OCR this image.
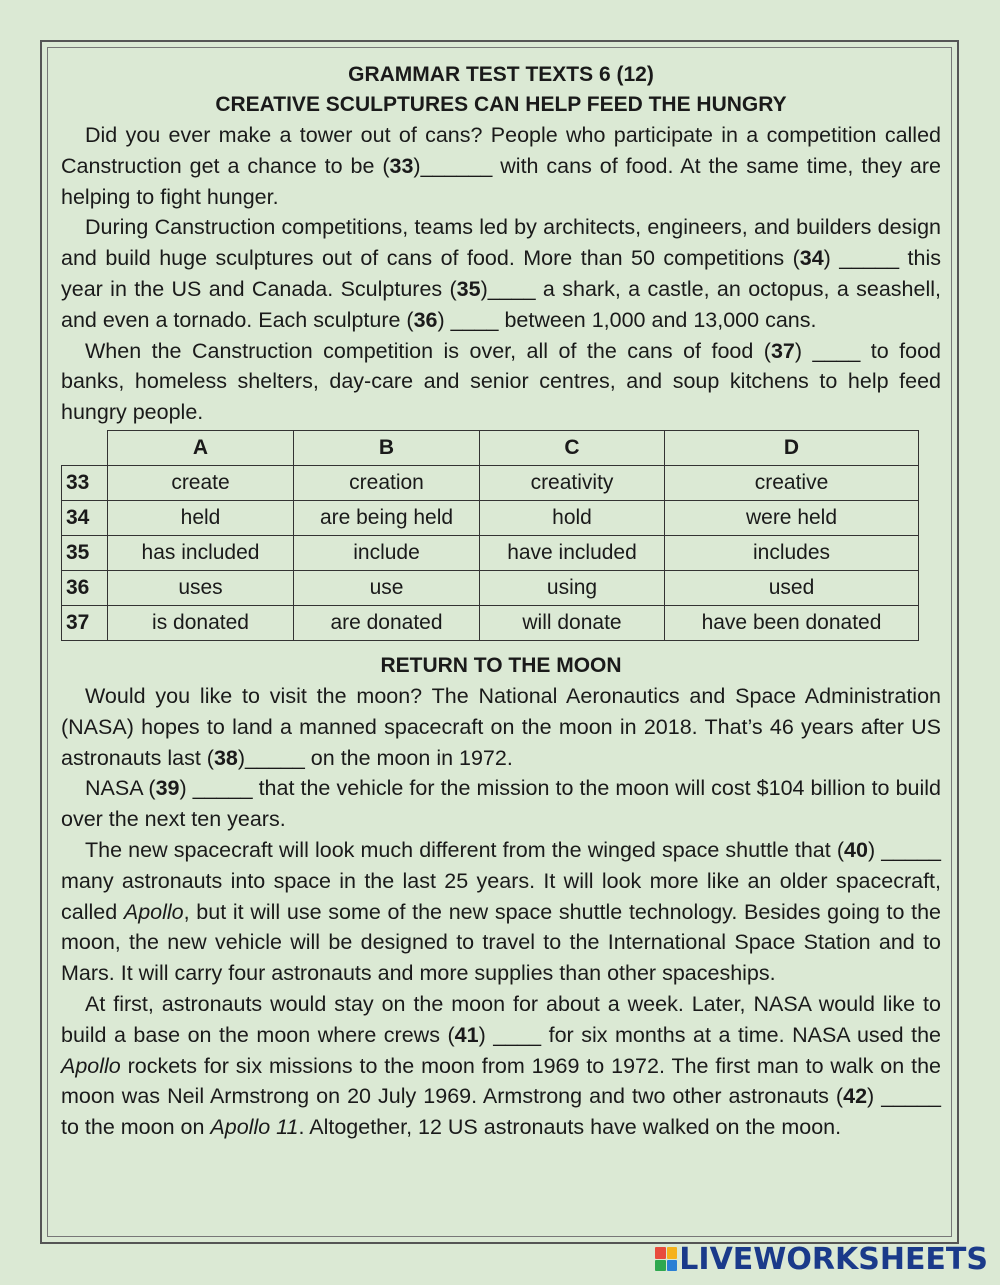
GRAMMAR TEST TEXTS 6 (12)
CREATIVE SCULPTURES CAN HELP FEED THE HUNGRY

Did you ever make a tower out of cans? People who participate in a competition called Canstruction get a chance to be (33)______ with cans of food. At the same time, they are helping to fight hunger.

During Canstruction competitions, teams led by architects, engineers, and builders design and build huge sculptures out of cans of food. More than 50 competitions (34) _____ this year in the US and Canada. Sculptures (35)____ a shark, a castle, an octopus, a seashell, and even a tornado. Each sculpture (36) ____ between 1,000 and 13,000 cans.

When the Canstruction competition is over, all of the cans of food (37) ____ to food banks, homeless shelters, day-care and senior centres, and soup kitchens to help feed hungry people.

	A	B	C	D
33	create	creation	creativity	creative
34	held	are being held	hold	were held
35	has included	include	have included	includes
36	uses	use	using	used
37	is donated	are donated	will donate	have been donated
RETURN TO THE MOON

Would you like to visit the moon? The National Aeronautics and Space Administration (NASA) hopes to land a manned spacecraft on the moon in 2018. That’s 46 years after US astronauts last (38)_____ on the moon in 1972.

NASA (39) _____ that the vehicle for the mission to the moon will cost $104 billion to build over the next ten years.

The new spacecraft will look much different from the winged space shuttle that (40) _____ many astronauts into space in the last 25 years. It will look more like an older spacecraft, called Apollo, but it will use some of the new space shuttle technology. Besides going to the moon, the new vehicle will be designed to travel to the International Space Station and to Mars. It will carry four astronauts and more supplies than other spaceships.

At first, astronauts would stay on the moon for about a week. Later, NASA would like to build a base on the moon where crews (41) ____ for six months at a time. NASA used the Apollo rockets for six missions to the moon from 1969 to 1972. The first man to walk on the moon was Neil Armstrong on 20 July 1969. Armstrong and two other astronauts (42) _____ to the moon on Apollo 11. Altogether, 12 US astronauts have walked on the moon.

LIVEWORKSHEETS
